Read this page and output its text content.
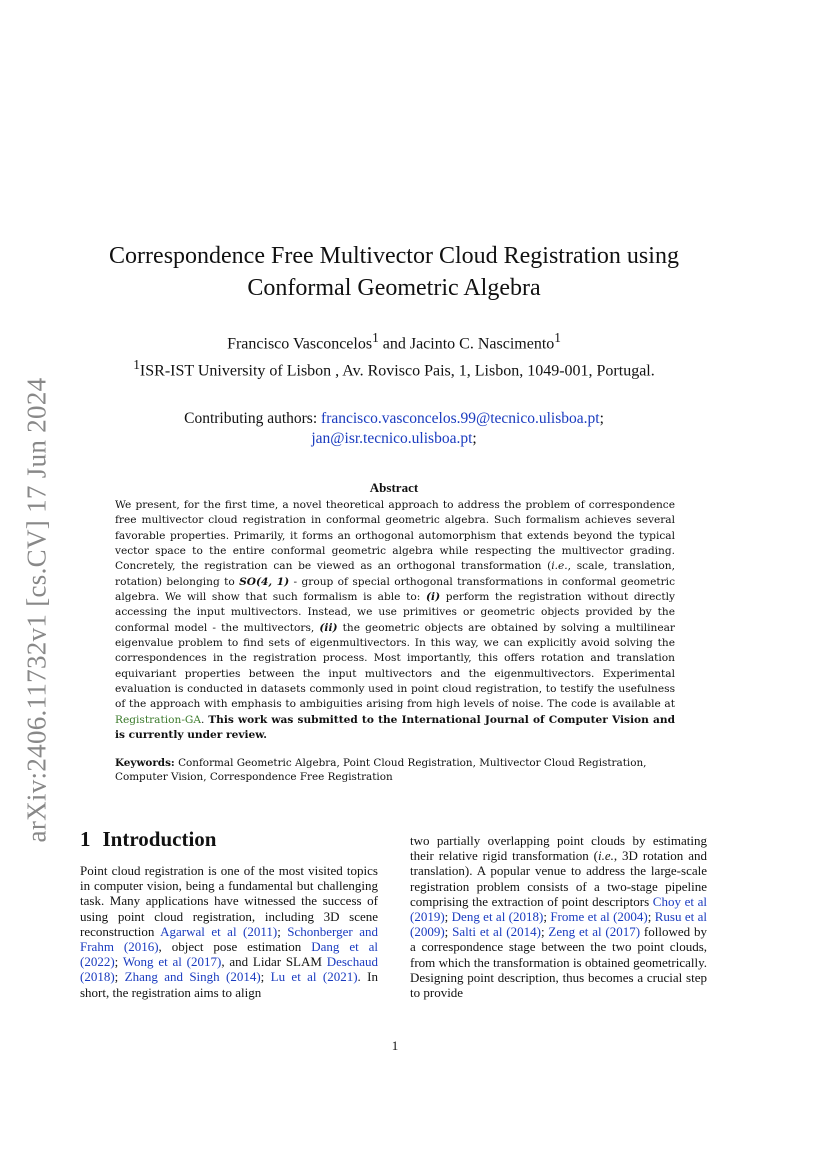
arXiv:2406.11732v1 [cs.CV] 17 Jun 2024
Correspondence Free Multivector Cloud Registration using
Conformal Geometric Algebra
Francisco Vasconcelos$^1$ and Jacinto C. Nascimento$^1$
$^1$ISR-IST University of Lisbon , Av. Rovisco Pais, 1, Lisbon, 1049-001, Portugal.
Contributing authors: francisco.vasconcelos.99@tecnico.ulisboa.pt;
jan@isr.tecnico.ulisboa.pt;
Abstract
We present, for the first time, a novel theoretical approach to address the problem of correspondence free multivector cloud registration in conformal geometric algebra. Such formalism achieves several favorable properties. Primarily, it forms an orthogonal automorphism that extends beyond the typical vector space to the entire conformal geometric algebra while respecting the multivector grading. Concretely, the registration can be viewed as an orthogonal transformation (i.e., scale, translation, rotation) belonging to SO(4, 1) - group of special orthogonal transformations in conformal geometric algebra. We will show that such formalism is able to: (i) perform the registration without directly accessing the input multivectors. Instead, we use primitives or geometric objects provided by the conformal model - the multivectors, (ii) the geometric objects are obtained by solving a multilinear eigenvalue problem to find sets of eigenmultivectors. In this way, we can explicitly avoid solving the correspondences in the registration process. Most importantly, this offers rotation and translation equivariant properties between the input multivectors and the eigenmultivectors. Experimental evaluation is conducted in datasets commonly used in point cloud registration, to testify the usefulness of the approach with emphasis to ambiguities arising from high levels of noise. The code is available at Registration-GA. This work was submitted to the International Journal of Computer Vision and is currently under review.
Keywords: Conformal Geometric Algebra, Point Cloud Registration, Multivector Cloud Registration, Computer Vision, Correspondence Free Registration
1 Introduction
Point cloud registration is one of the most visited topics in computer vision, being a fundamental but challenging task. Many applications have witnessed the success of using point cloud registration, including 3D scene reconstruction Agarwal et al (2011); Schonberger and Frahm (2016), object pose estimation Dang et al (2022); Wong et al (2017), and Lidar SLAM Deschaud (2018); Zhang and Singh (2014); Lu et al (2021). In short, the registration aims to align
two partially overlapping point clouds by estimating their relative rigid transformation (i.e., 3D rotation and translation). A popular venue to address the large-scale registration problem consists of a two-stage pipeline comprising the extraction of point descriptors Choy et al (2019); Deng et al (2018); Frome et al (2004); Rusu et al (2009); Salti et al (2014); Zeng et al (2017) followed by a correspondence stage between the two point clouds, from which the transformation is obtained geometrically. Designing point description, thus becomes a crucial step to provide
1
